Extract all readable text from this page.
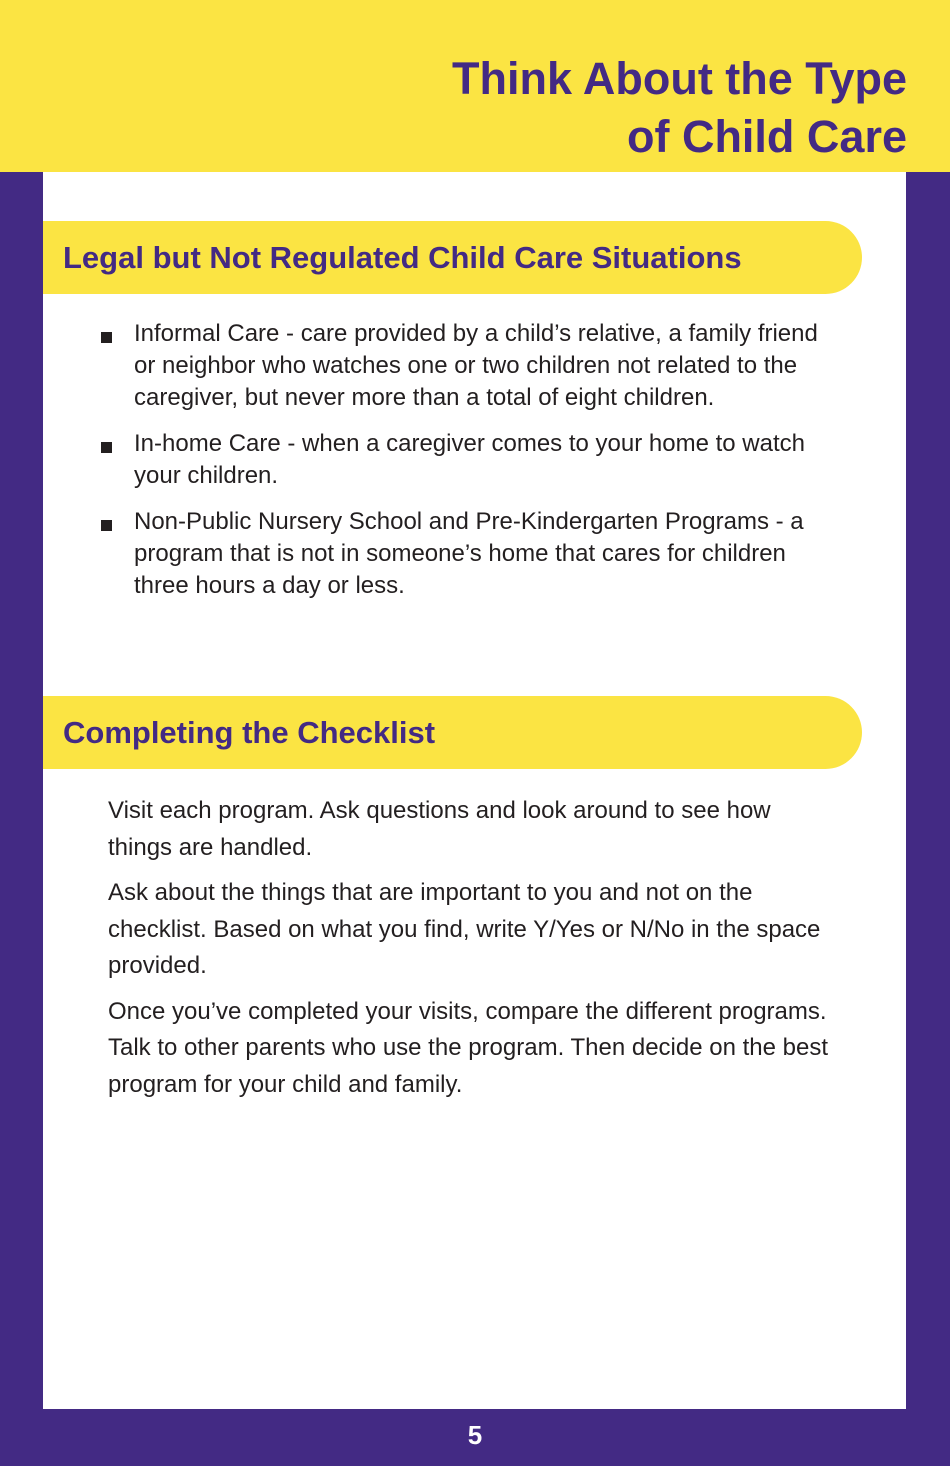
Think About the Type
of Child Care
Legal but Not Regulated Child Care Situations
Informal Care - care provided by a child’s relative, a family friend or neighbor who watches one or two children not related to the caregiver, but never more than a total of eight children.
In-home Care - when a caregiver comes to your home to watch your children.
Non-Public Nursery School and Pre-Kindergarten Programs - a program that is not in someone’s home that cares for children three hours a day or less.
Completing the Checklist

Visit each program. Ask questions and look around to see how things are handled.

Ask about the things that are important to you and not on the checklist. Based on what you find, write Y/Yes or N/No in the space provided.

Once you’ve completed your visits, compare the different programs. Talk to other parents who use the program. Then decide on the best program for your child and family.

5
